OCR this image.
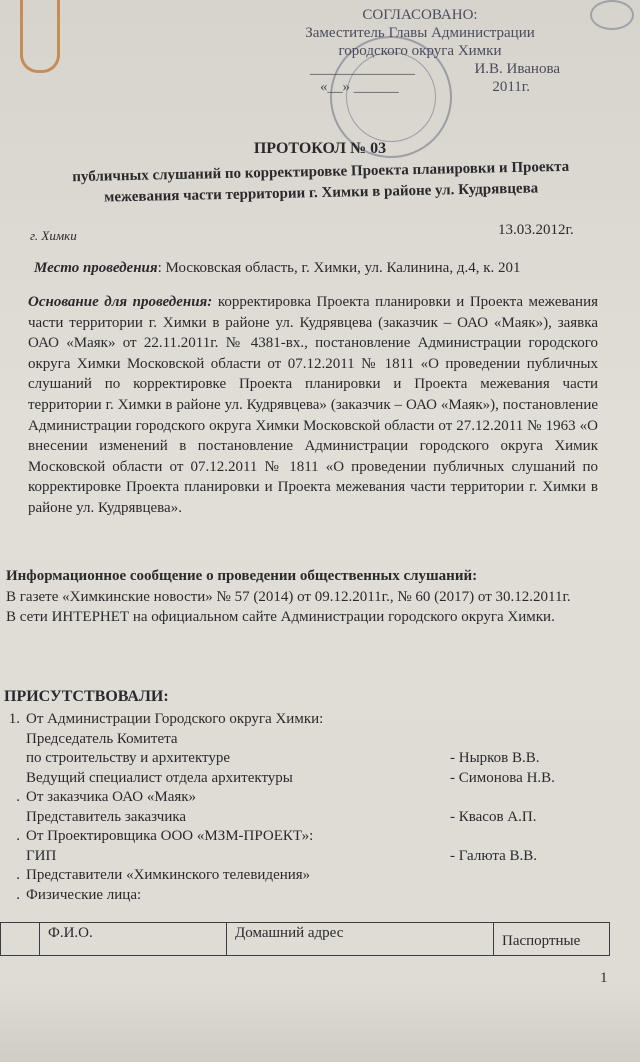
СОГЛАСОВАНО:
Заместитель Главы Администрации
городского округа Химки
______________	И.В. Иванова
«__» ______	2011г.
ПРОТОКОЛ № 03
публичных слушаний по корректировке Проекта планировки и Проекта межевания части территории г. Химки в районе ул. Кудрявцева
г. Химки	13.03.2012г.
Место проведения: Московская область, г. Химки, ул. Калинина, д.4, к. 201
Основание для проведения: корректировка Проекта планировки и Проекта межевания части территории г. Химки в районе ул. Кудрявцева (заказчик – ОАО «Маяк»), заявка ОАО «Маяк» от 22.11.2011г. № 4381-вх., постановление Администрации городского округа Химки Московской области от 07.12.2011 № 1811 «О проведении публичных слушаний по корректировке Проекта планировки и Проекта межевания части территории г. Химки в районе ул. Кудрявцева» (заказчик – ОАО «Маяк»), постановление Администрации городского округа Химки Московской области от 27.12.2011 № 1963 «О внесении изменений в постановление Администрации городского округа Химик Московской области от 07.12.2011 № 1811 «О проведении публичных слушаний по корректировке Проекта планировки и Проекта межевания части территории г. Химки в районе ул. Кудрявцева».
Информационное сообщение о проведении общественных слушаний:
В газете «Химкинские новости» № 57 (2014) от 09.12.2011г., № 60 (2017) от 30.12.2011г.
В сети ИНТЕРНЕТ на официальном сайте Администрации городского округа Химки.
ПРИСУТСТВОВАЛИ:
1. От Администрации Городского округа Химки:
Председатель Комитета
по строительству и архитектуре	- Нырков В.В.
Ведущий специалист отдела архитектуры	- Симонова Н.В.
. От заказчика ОАО «Маяк»
Представитель заказчика	- Квасов А.П.
. От Проектировщика ООО «МЗМ-ПРОЕКТ»:
ГИП	- Галюта В.В.
. Представители «Химкинского телевидения»
. Физические лица:
	Ф.И.О.	Домашний адрес	Паспортные
1
